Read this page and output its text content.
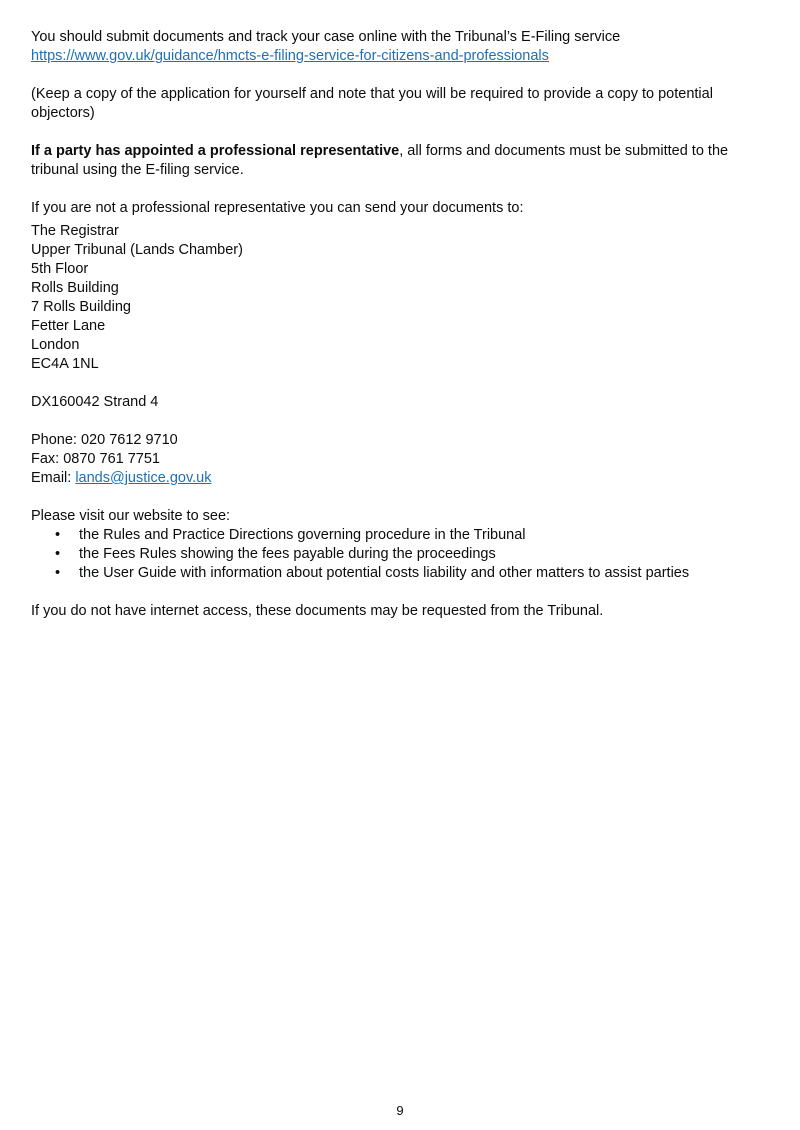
You should submit documents and track your case online with the Tribunal’s E-Filing service

https://www.gov.uk/guidance/hmcts-e-filing-service-for-citizens-and-professionals

(Keep a copy of the application for yourself and note that you will be required to provide a copy to potential objectors)

If a party has appointed a professional representative, all forms and documents must be submitted to the tribunal using the E-filing service.

If you are not a professional representative you can send your documents to:

The Registrar

Upper Tribunal (Lands Chamber)

5th Floor

Rolls Building

7 Rolls Building

Fetter Lane

London

EC4A 1NL

DX160042 Strand 4

Phone: 020 7612 9710

Fax: 0870 761 7751

Email: lands@justice.gov.uk

Please visit our website to see:

• the Rules and Practice Directions governing procedure in the Tribunal
• the Fees Rules showing the fees payable during the proceedings
• the User Guide with information about potential costs liability and other matters to assist parties

If you do not have internet access, these documents may be requested from the Tribunal.

9
